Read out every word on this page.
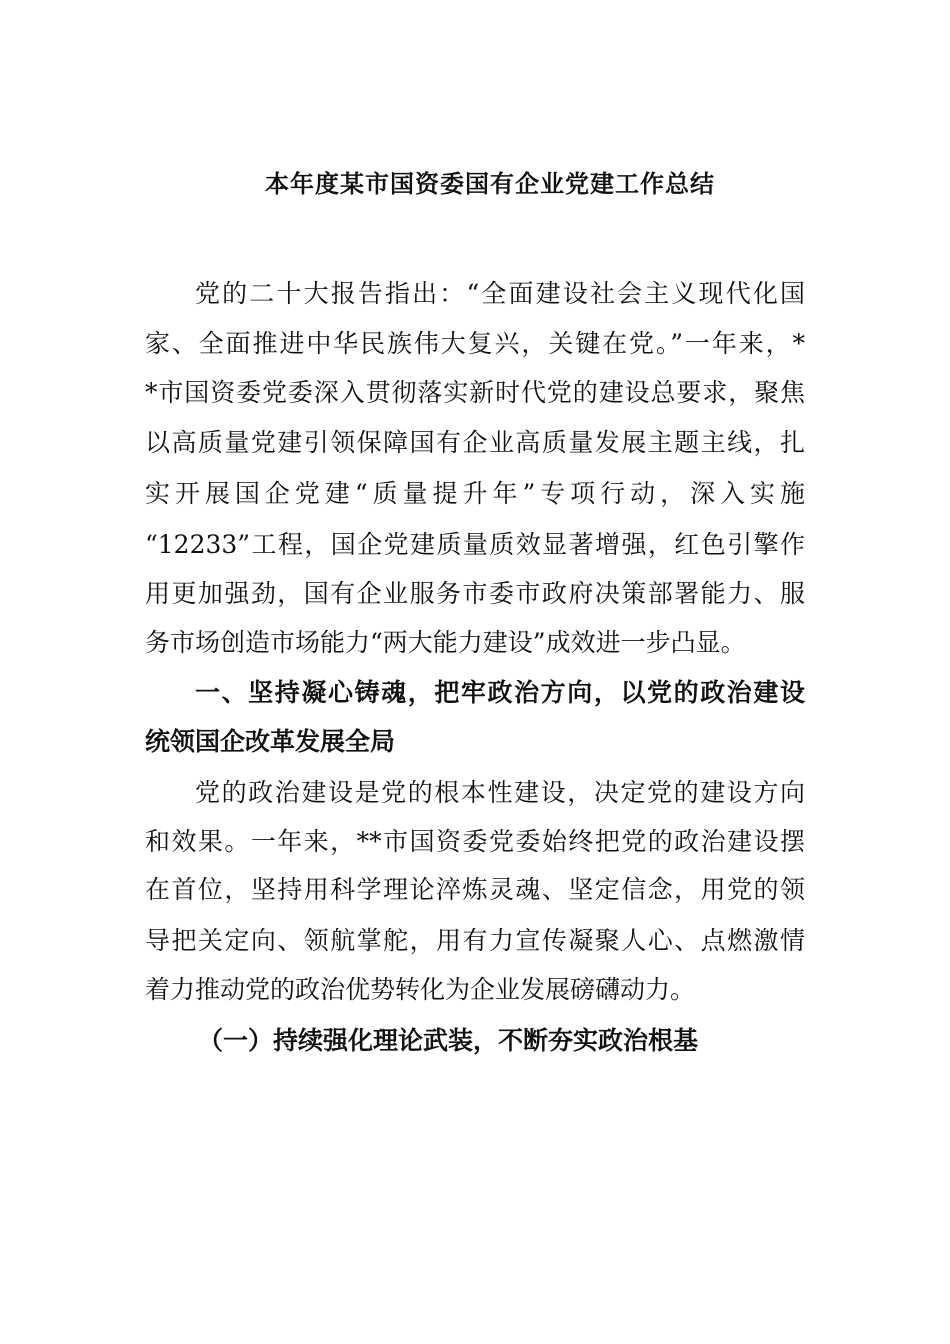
本年度某市国资委国有企业党建工作总结
党的二十大报告指出：“全面建设社会主义现代化国
家、全面推进中华民族伟大复兴，关键在党。”一年来，*
*市国资委党委深入贯彻落实新时代党的建设总要求，聚焦
以高质量党建引领保障国有企业高质量发展主题主线，扎
实开展国企党建“质量提升年”专项行动，深入实施
“12233”工程，国企党建质量质效显著增强，红色引擎作
用更加强劲，国有企业服务市委市政府决策部署能力、服
务市场创造市场能力“两大能力建设”成效进一步凸显。
一、坚持凝心铸魂，把牢政治方向，以党的政治建设
统领国企改革发展全局
党的政治建设是党的根本性建设，决定党的建设方向
和效果。一年来，**市国资委党委始终把党的政治建设摆
在首位，坚持用科学理论淬炼灵魂、坚定信念，用党的领
导把关定向、领航掌舵，用有力宣传凝聚人心、点燃激情
着力推动党的政治优势转化为企业发展磅礴动力。
（一）持续强化理论武装，不断夯实政治根基
